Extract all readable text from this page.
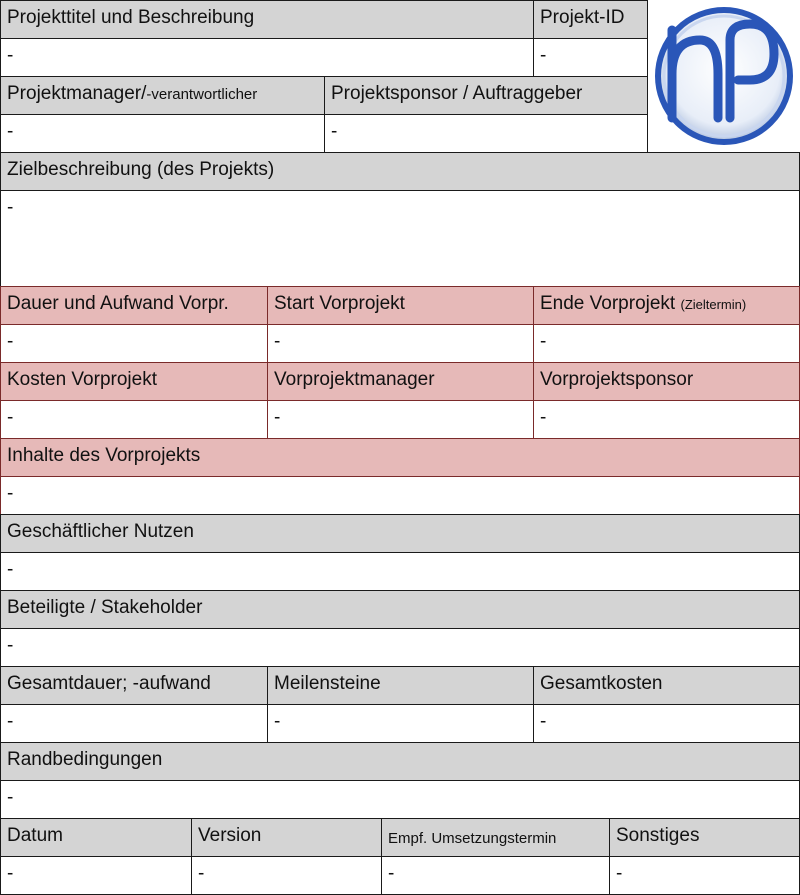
Projekttitel und Beschreibung	Projekt-ID
-	-
Projektmanager/-verantwortlicher	Projektsponsor / Auftraggeber
-	-
Zielbeschreibung (des Projekts)
-
Dauer und Aufwand Vorpr.	Start Vorprojekt	Ende Vorprojekt (Zieltermin)
-	-	-
Kosten Vorprojekt	Vorprojektmanager	Vorprojektsponsor
-	-	-
Inhalte des Vorprojekts
-
Geschäftlicher Nutzen
-
Beteiligte / Stakeholder
-
Gesamtdauer; -aufwand	Meilensteine	Gesamtkosten
-	-	-
Randbedingungen
-
Datum	Version	Empf. Umsetzungstermin	Sonstiges
-	-	-	-
